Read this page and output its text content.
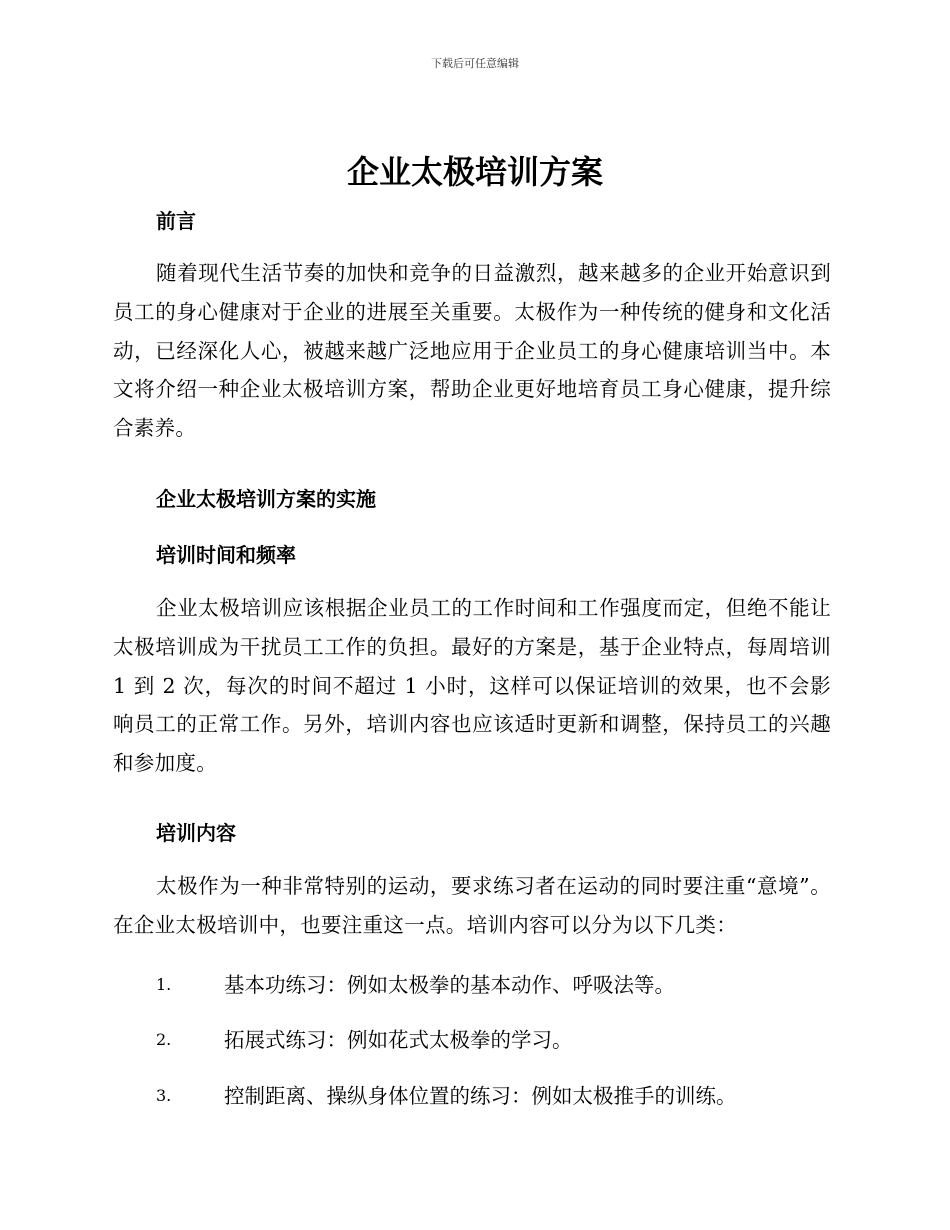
下载后可任意编辑
企业太极培训方案
前言

随着现代生活节奏的加快和竞争的日益激烈，越来越多的企业开始意识到员工的身心健康对于企业的进展至关重要。太极作为一种传统的健身和文化活动，已经深化人心，被越来越广泛地应用于企业员工的身心健康培训当中。本文将介绍一种企业太极培训方案，帮助企业更好地培育员工身心健康，提升综合素养。

企业太极培训方案的实施
培训时间和频率

企业太极培训应该根据企业员工的工作时间和工作强度而定，但绝不能让太极培训成为干扰员工工作的负担。最好的方案是，基于企业特点，每周培训 1 到 2 次，每次的时间不超过 1 小时，这样可以保证培训的效果，也不会影响员工的正常工作。另外，培训内容也应该适时更新和调整，保持员工的兴趣和参加度。

培训内容

太极作为一种非常特别的运动，要求练习者在运动的同时要注重“意境”。在企业太极培训中，也要注重这一点。培训内容可以分为以下几类：

1.	基本功练习：例如太极拳的基本动作、呼吸法等。
2.	拓展式练习：例如花式太极拳的学习。
3.	控制距离、操纵身体位置的练习：例如太极推手的训练。
